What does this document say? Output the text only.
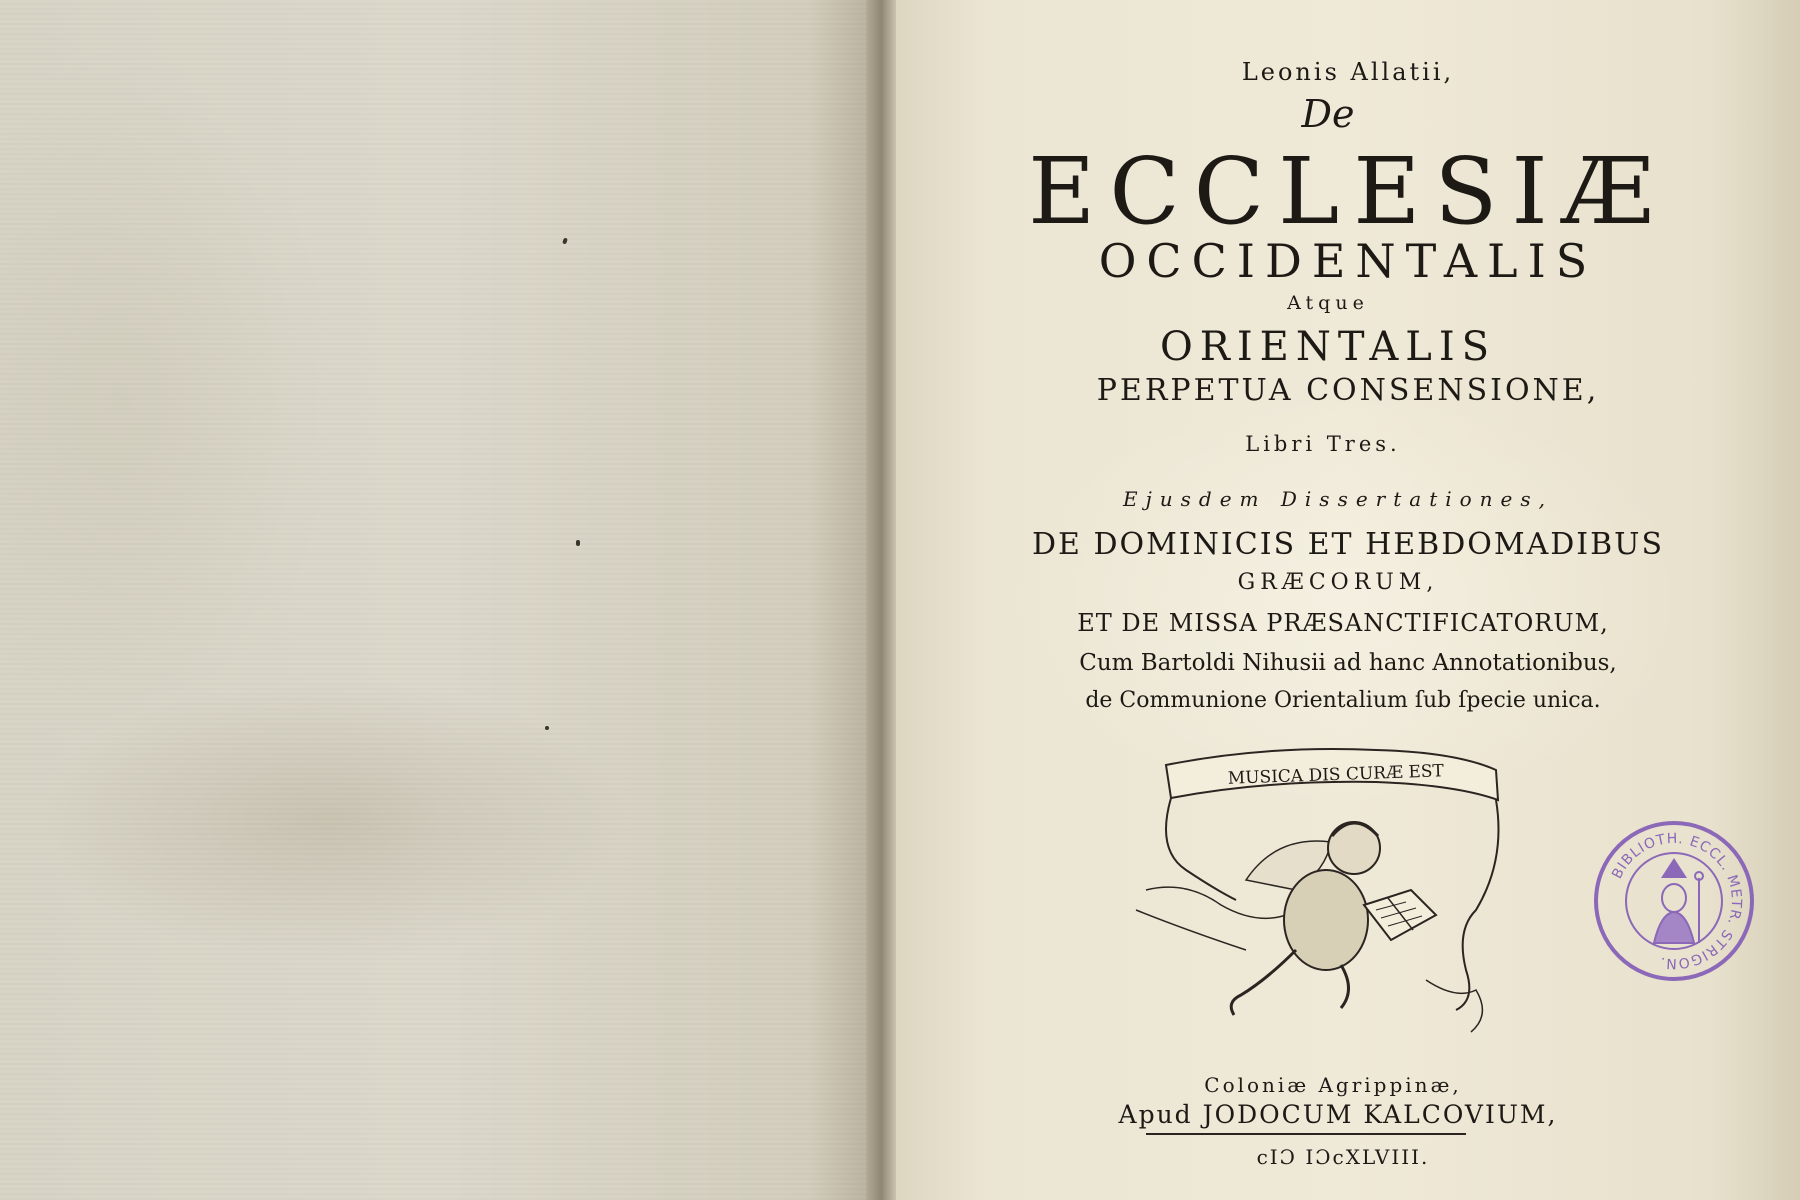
Leonis Allatii,
De
ECCLESIÆ
OCCIDENTALIS
Atque
ORIENTALIS
PERPETUA CONSENSIONE,
Libri Tres.
Ejusdem Dissertationes,
DE DOMINICIS ET HEBDOMADIBUS
GRÆCORUM,
ET DE MISSA PRÆSANCTIFICATORUM,
Cum Bartoldi Nihusii ad hanc Annotationibus,
de Communione Orientalium ſub ſpecie unica.
MUSICA DIS CURÆ EST
BIBLIOTH. ECCL. METR. STRIGON.
Coloniæ Agrippinæ,
Apud JODOCUM KALCOVIUM,
cIƆ IƆcXLVIII.
